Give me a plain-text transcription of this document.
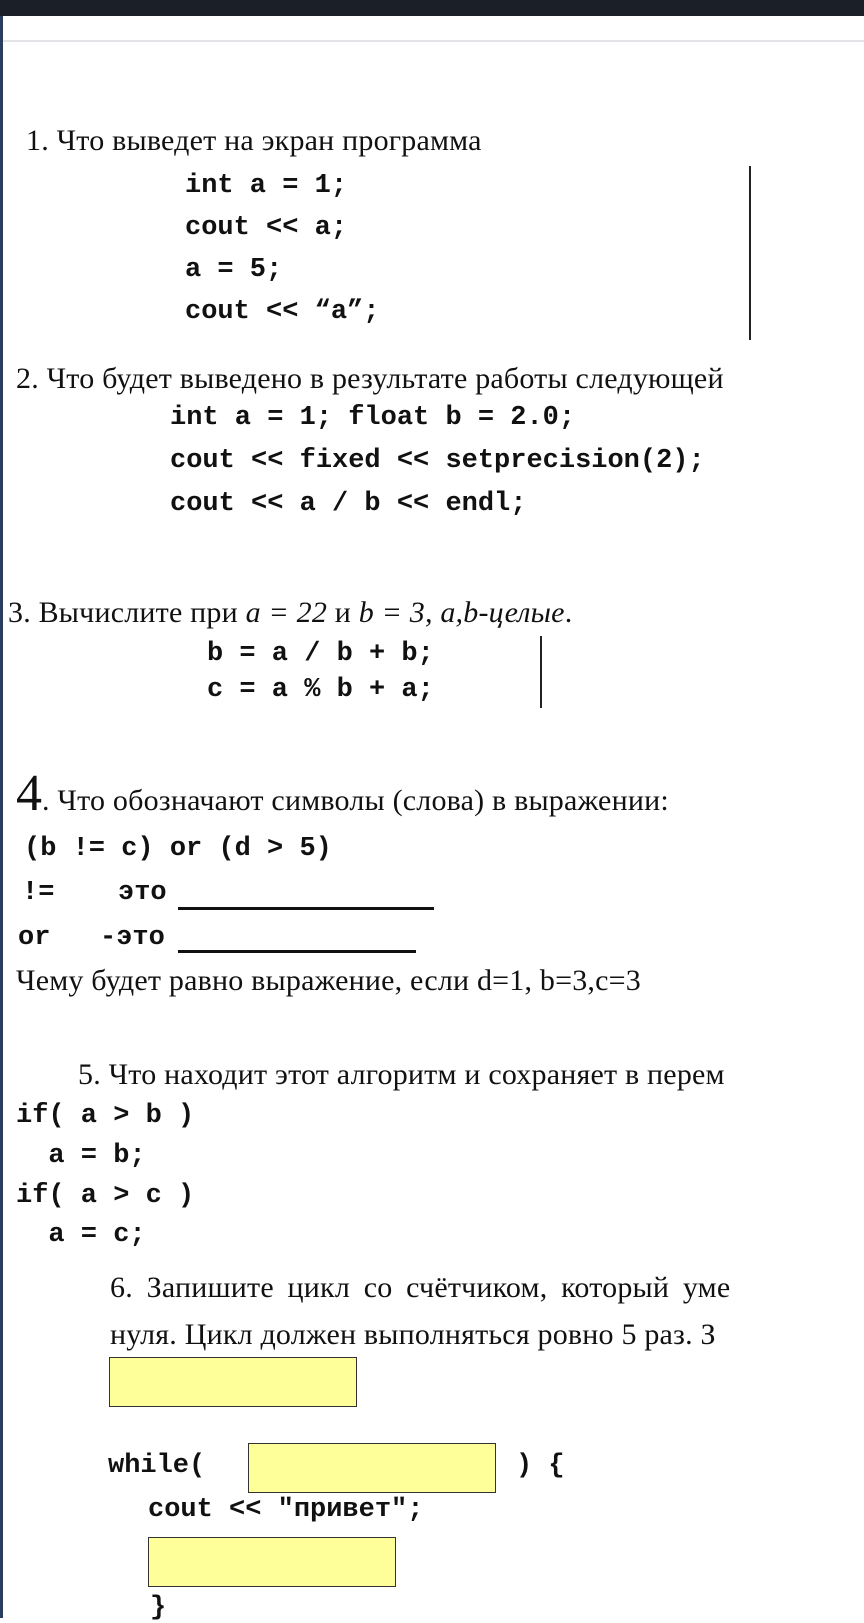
1. Что выведет на экран программа
int a = 1;
cout << a;
a = 5;
cout << “a”;
2. Что будет выведено в результате работы следующей
int a = 1; float b = 2.0;
cout << fixed << setprecision(2);
cout << a / b << endl;
3. Вычислите при a = 22 и b = 3, a,b-целые.
b = a / b + b;
c = a % b + a;
4. Что обозначают символы (слова) в выражении:
(b != c) or (d > 5)
!= это
or -это
Чему будет равно выражение, если d=1, b=3,c=3
5. Что находит этот алгоритм и сохраняет в перем
if( a > b )
a = b;
if( a > c )
a = c;
6. Запишите цикл со счётчиком, который уме
нуля. Цикл должен выполняться ровно 5 раз. З
while(	) {
cout << "привет";
}
